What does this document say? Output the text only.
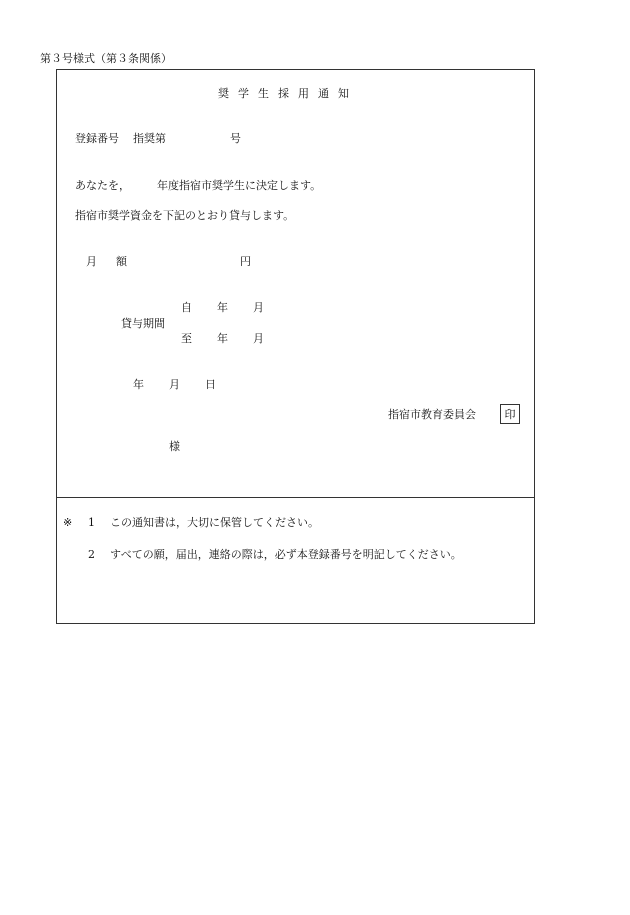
第３号様式（第３条関係）
奨学生採用通知
登録番号 指奨第	号
あなたを， 年度指宿市奨学生に決定します。
指宿市奨学資金を下記のとおり貸与します。
月　額	円
自 年 月
貸与期間
至 年 月
年 月 日
指宿市教育委員会	印
様
※ 1 この通知書は，大切に保管してください。
2 すべての願，届出，連絡の際は，必ず本登録番号を明記してください。
